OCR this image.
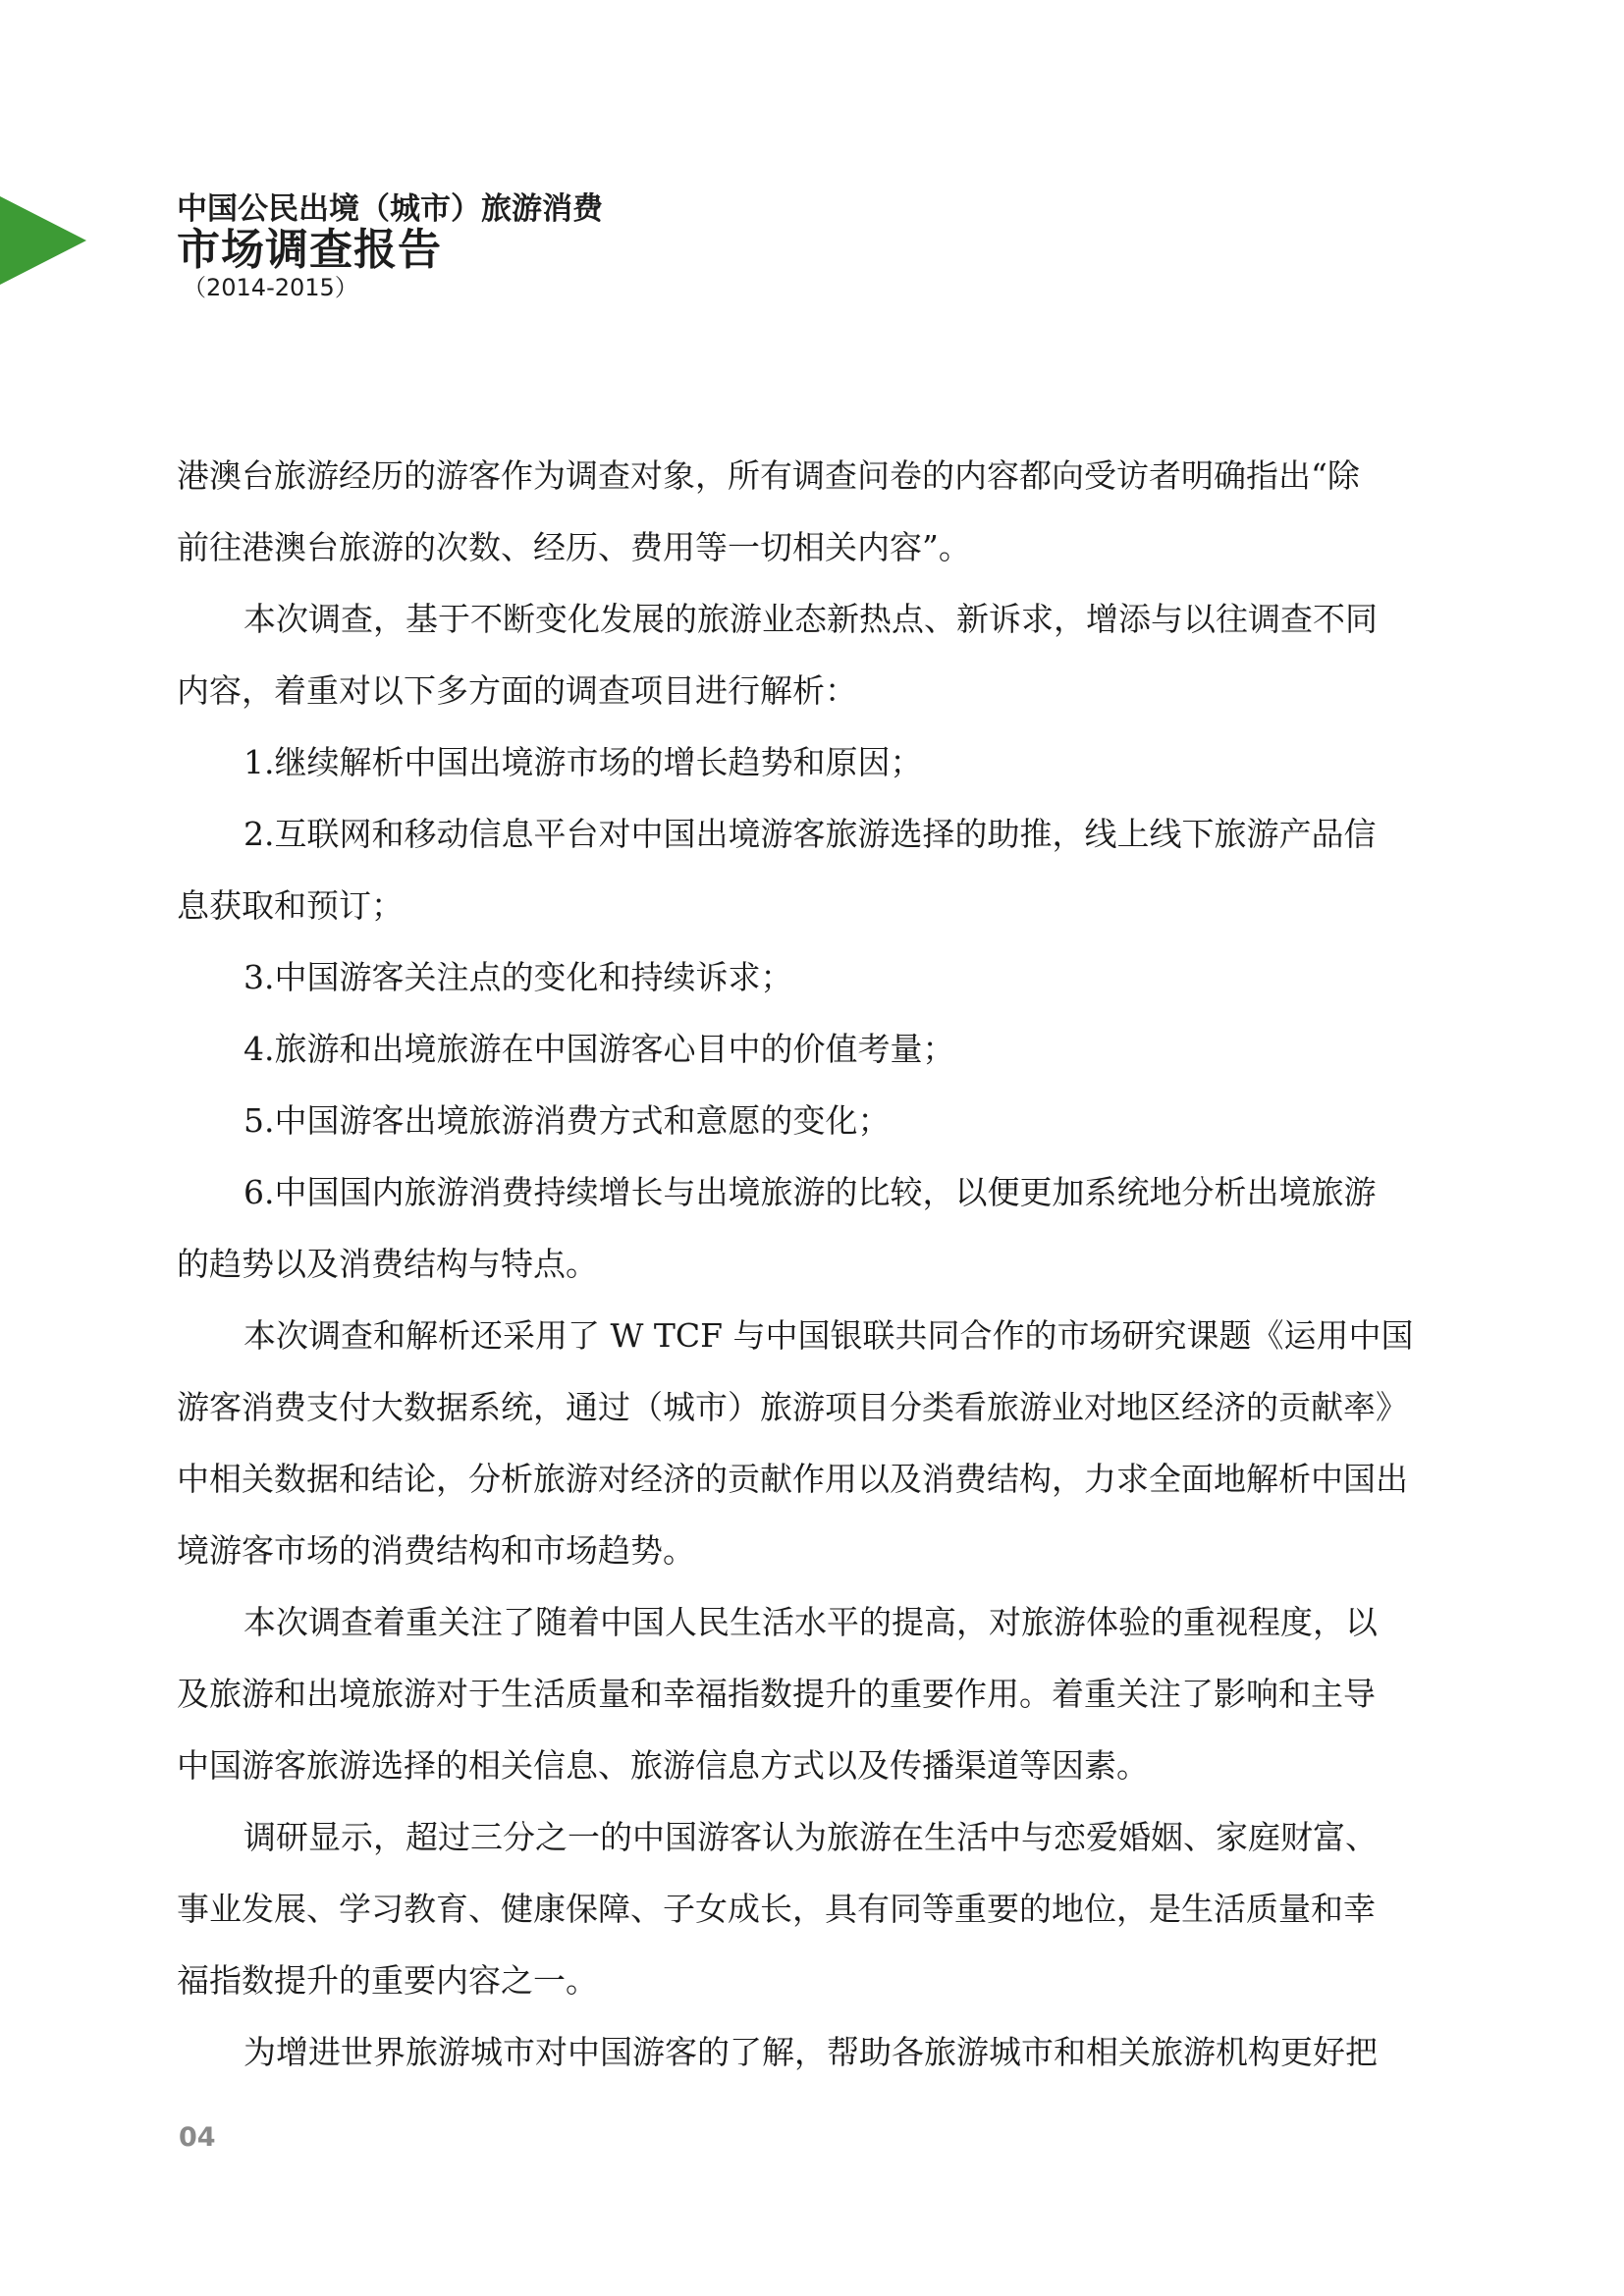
中国公民出境（城市）旅游消费
市场调查报告
（2014-2015）
港澳台旅游经历的游客作为调查对象，所有调查问卷的内容都向受访者明确指出“除
前往港澳台旅游的次数、经历、费用等一切相关内容”。
本次调查，基于不断变化发展的旅游业态新热点、新诉求，增添与以往调查不同
内容，着重对以下多方面的调查项目进行解析：
1.继续解析中国出境游市场的增长趋势和原因；
2.互联网和移动信息平台对中国出境游客旅游选择的助推，线上线下旅游产品信
息获取和预订；
3.中国游客关注点的变化和持续诉求；
4.旅游和出境旅游在中国游客心目中的价值考量；
5.中国游客出境旅游消费方式和意愿的变化；
6.中国国内旅游消费持续增长与出境旅游的比较，以便更加系统地分析出境旅游
的趋势以及消费结构与特点。
本次调查和解析还采用了 W TCF 与中国银联共同合作的市场研究课题《运用中国
游客消费支付大数据系统，通过（城市）旅游项目分类看旅游业对地区经济的贡献率》
中相关数据和结论，分析旅游对经济的贡献作用以及消费结构，力求全面地解析中国出
境游客市场的消费结构和市场趋势。
本次调查着重关注了随着中国人民生活水平的提高，对旅游体验的重视程度，以
及旅游和出境旅游对于生活质量和幸福指数提升的重要作用。着重关注了影响和主导
中国游客旅游选择的相关信息、旅游信息方式以及传播渠道等因素。
调研显示，超过三分之一的中国游客认为旅游在生活中与恋爱婚姻、家庭财富、
事业发展、学习教育、健康保障、子女成长，具有同等重要的地位，是生活质量和幸
福指数提升的重要内容之一。
为增进世界旅游城市对中国游客的了解，帮助各旅游城市和相关旅游机构更好把
04
